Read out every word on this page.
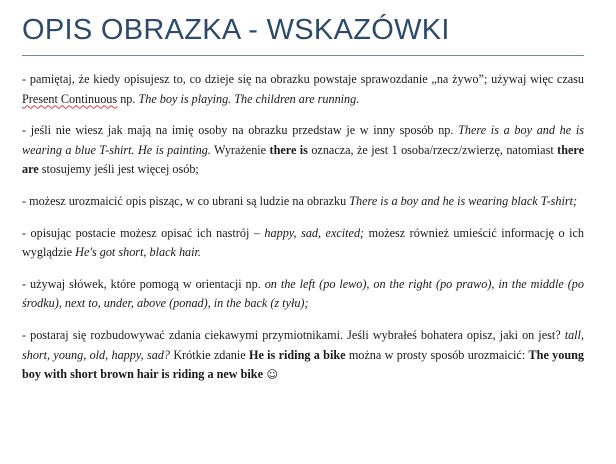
OPIS OBRAZKA - WSKAZÓWKI

- pamiętaj, że kiedy opisujesz to, co dzieje się na obrazku powstaje sprawozdanie „na żywo”; używaj więc czasu Present Continuous np. The boy is playing. The children are running.

- jeśli nie wiesz jak mają na imię osoby na obrazku przedstaw je w inny sposób np. There is a boy and he is wearing a blue T-shirt. He is painting. Wyrażenie there is oznacza, że jest 1 osoba/rzecz/zwierzę, natomiast there are stosujemy jeśli jest więcej osób;

- możesz urozmaicić opis pisząc, w co ubrani są ludzie na obrazku There is a boy and he is wearing black T-shirt;

- opisując postacie możesz opisać ich nastrój – happy, sad, excited; możesz również umieścić informację o ich wyglądzie He's got short, black hair.

- używaj słówek, które pomogą w orientacji np. on the left (po lewo), on the right (po prawo), in the middle (po środku), next to, under, above (ponad), in the back (z tyłu);

- postaraj się rozbudowywać zdania ciekawymi przymiotnikami. Jeśli wybrałeś bohatera opisz, jaki on jest? tall, short, young, old, happy, sad? Krótkie zdanie He is riding a bike można w prosty sposób urozmaicić: The young boy with short brown hair is riding a new bike ☺
